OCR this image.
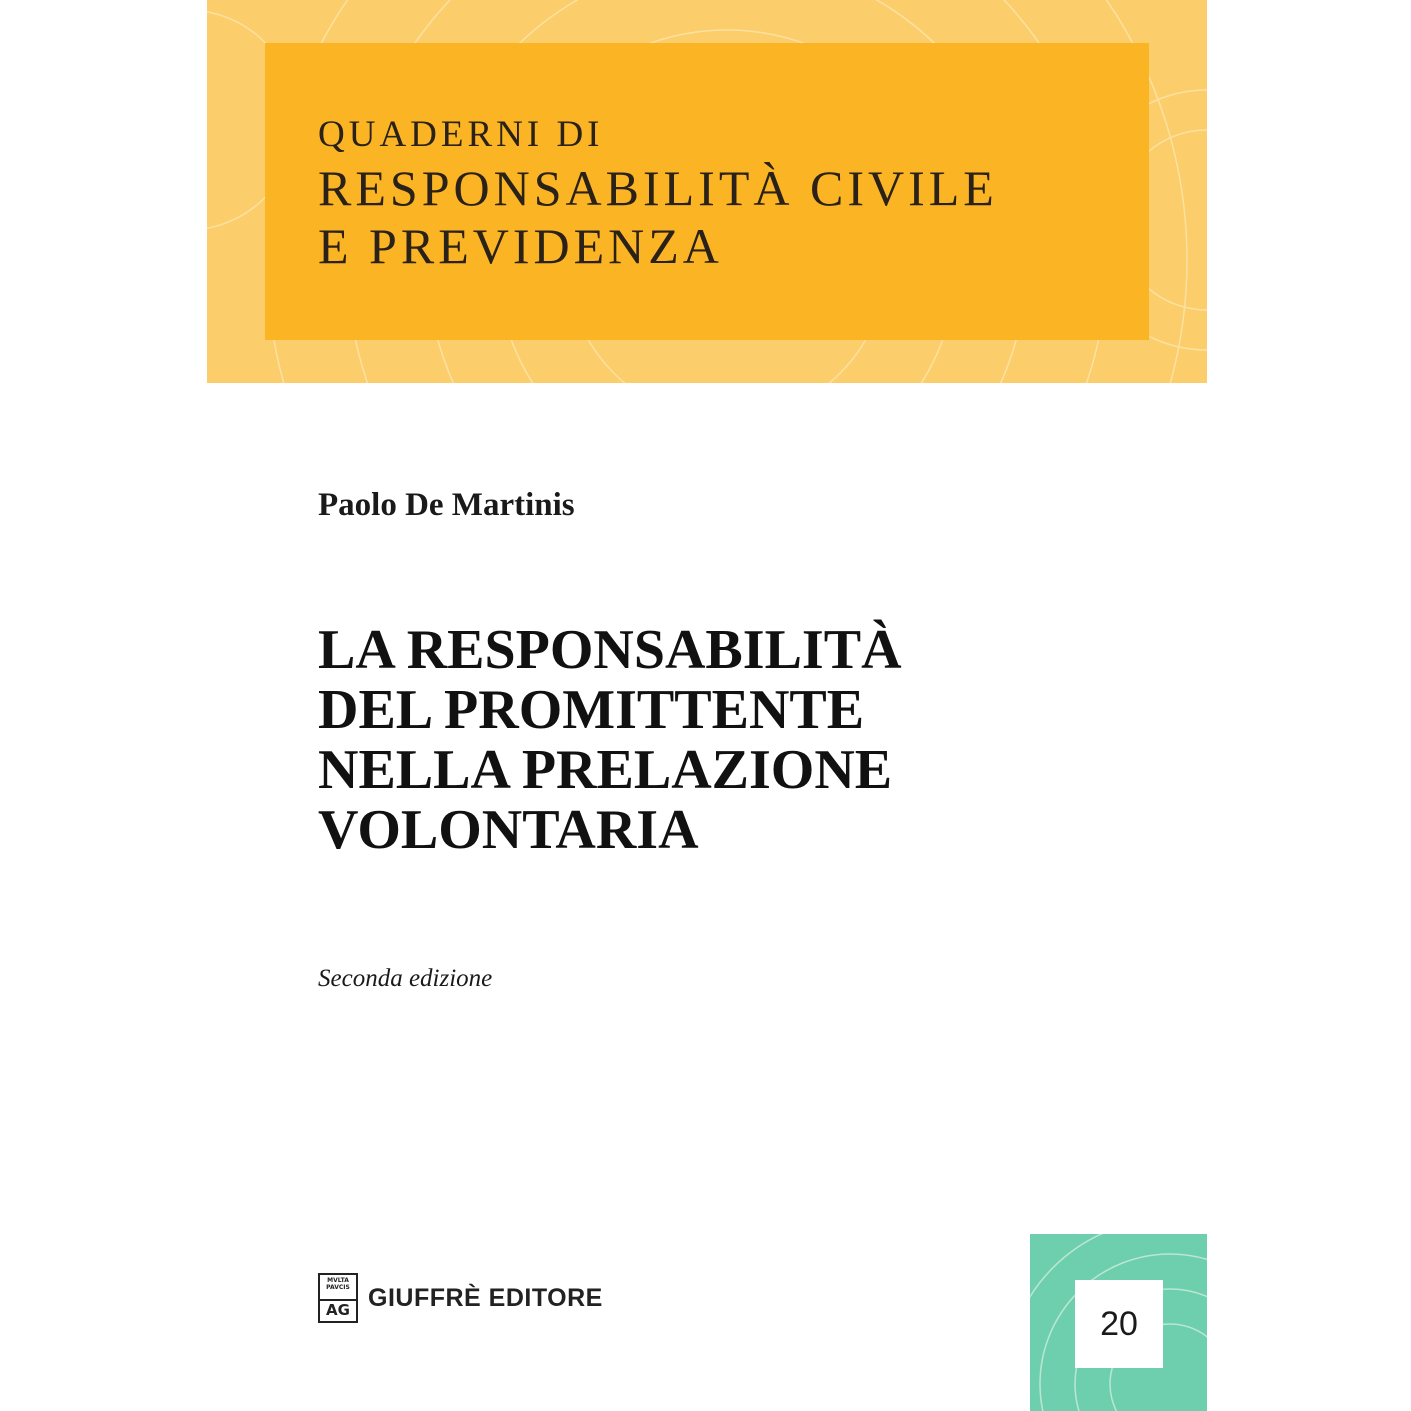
QUADERNI DI
RESPONSABILITÀ CIVILE
E PREVIDENZA
Paolo De Martinis
LA RESPONSABILITÀ
DEL PROMITTENTE
NELLA PRELAZIONE
VOLONTARIA
Seconda edizione
MVLTA PAVCIS
AG GIUFFRÈ EDITORE
20
